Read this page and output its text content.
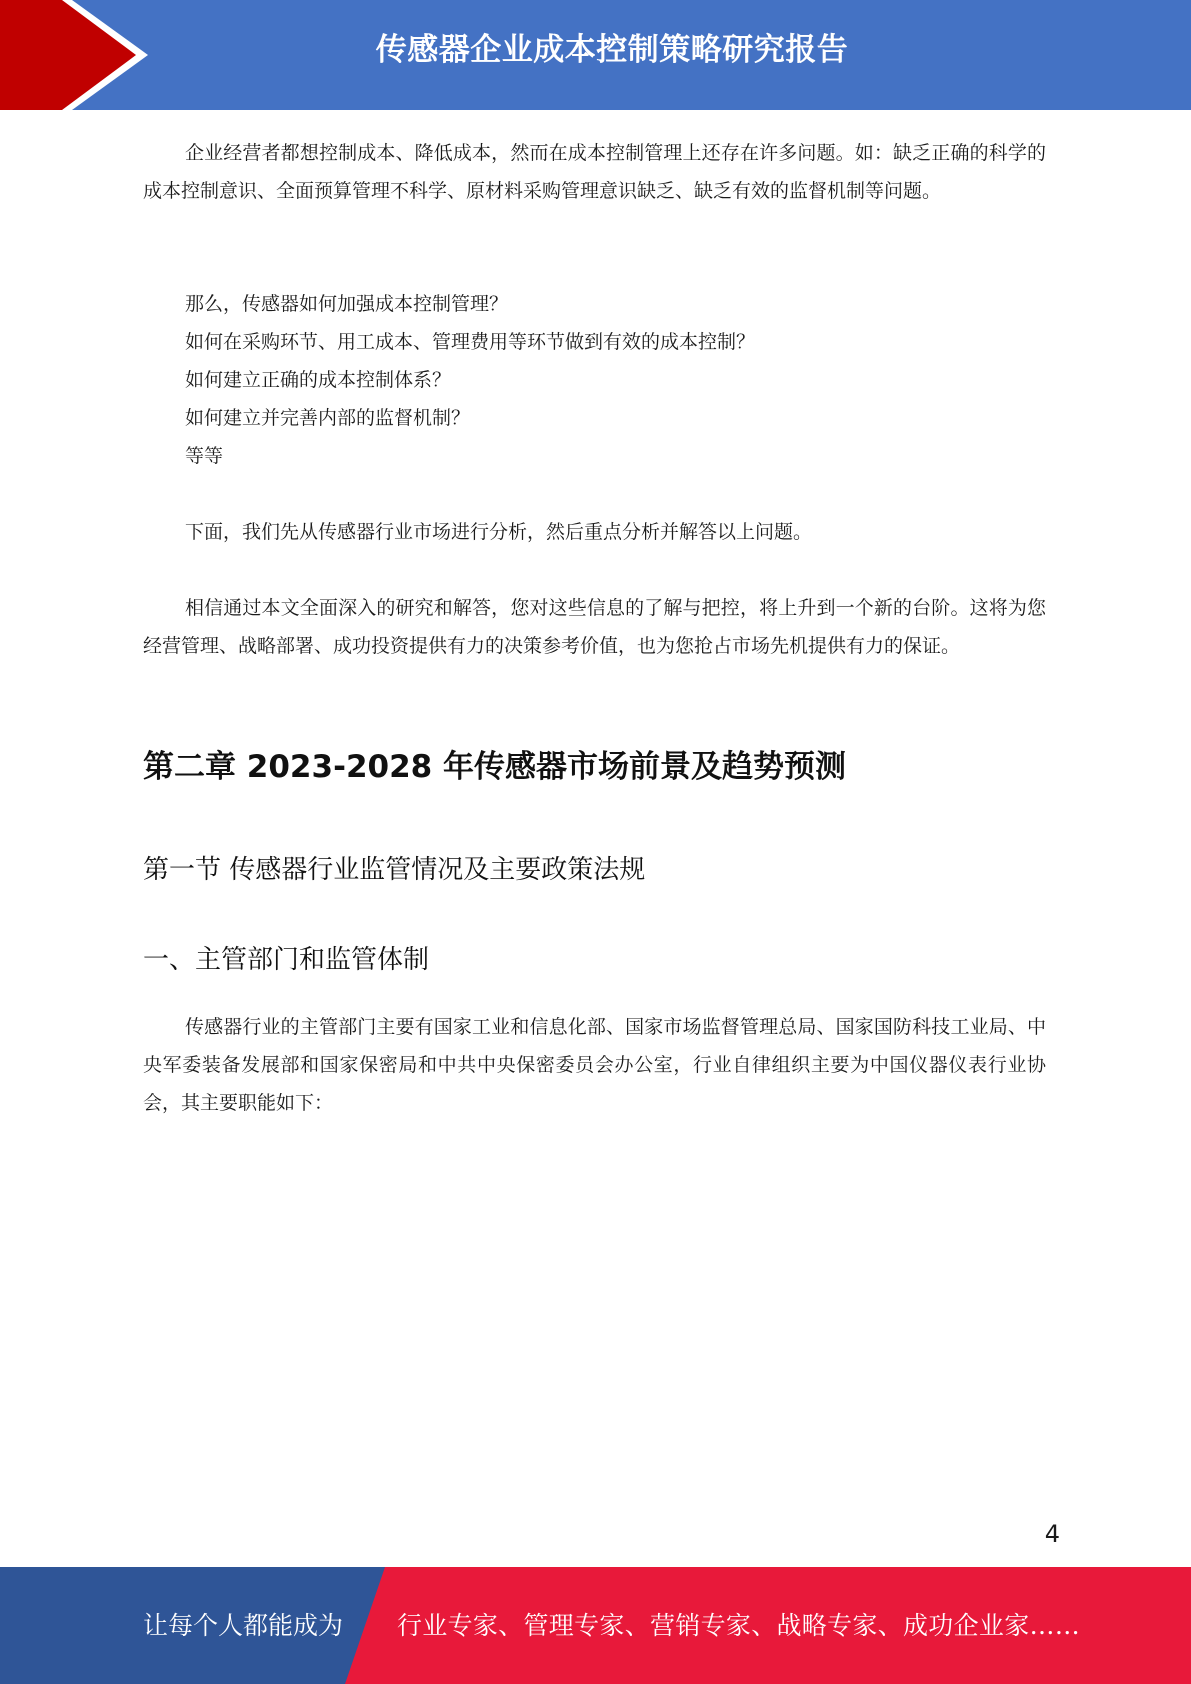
传感器企业成本控制策略研究报告

企业经营者都想控制成本、降低成本，然而在成本控制管理上还存在许多问题。如：缺乏正确的科学的成本控制意识、全面预算管理不科学、原材料采购管理意识缺乏、缺乏有效的监督机制等问题。

那么，传感器如何加强成本控制管理？

如何在采购环节、用工成本、管理费用等环节做到有效的成本控制？

如何建立正确的成本控制体系？

如何建立并完善内部的监督机制？

等等

下面，我们先从传感器行业市场进行分析，然后重点分析并解答以上问题。

相信通过本文全面深入的研究和解答，您对这些信息的了解与把控，将上升到一个新的台阶。这将为您经营管理、战略部署、成功投资提供有力的决策参考价值，也为您抢占市场先机提供有力的保证。

第二章 2023-2028 年传感器市场前景及趋势预测
第一节 传感器行业监管情况及主要政策法规
一、主管部门和监管体制

传感器行业的主管部门主要有国家工业和信息化部、国家市场监督管理总局、国家国防科技工业局、中央军委装备发展部和国家保密局和中共中央保密委员会办公室，行业自律组织主要为中国仪器仪表行业协会，其主要职能如下：

4
让每个人都能成为 行业专家、管理专家、营销专家、战略专家、成功企业家……
